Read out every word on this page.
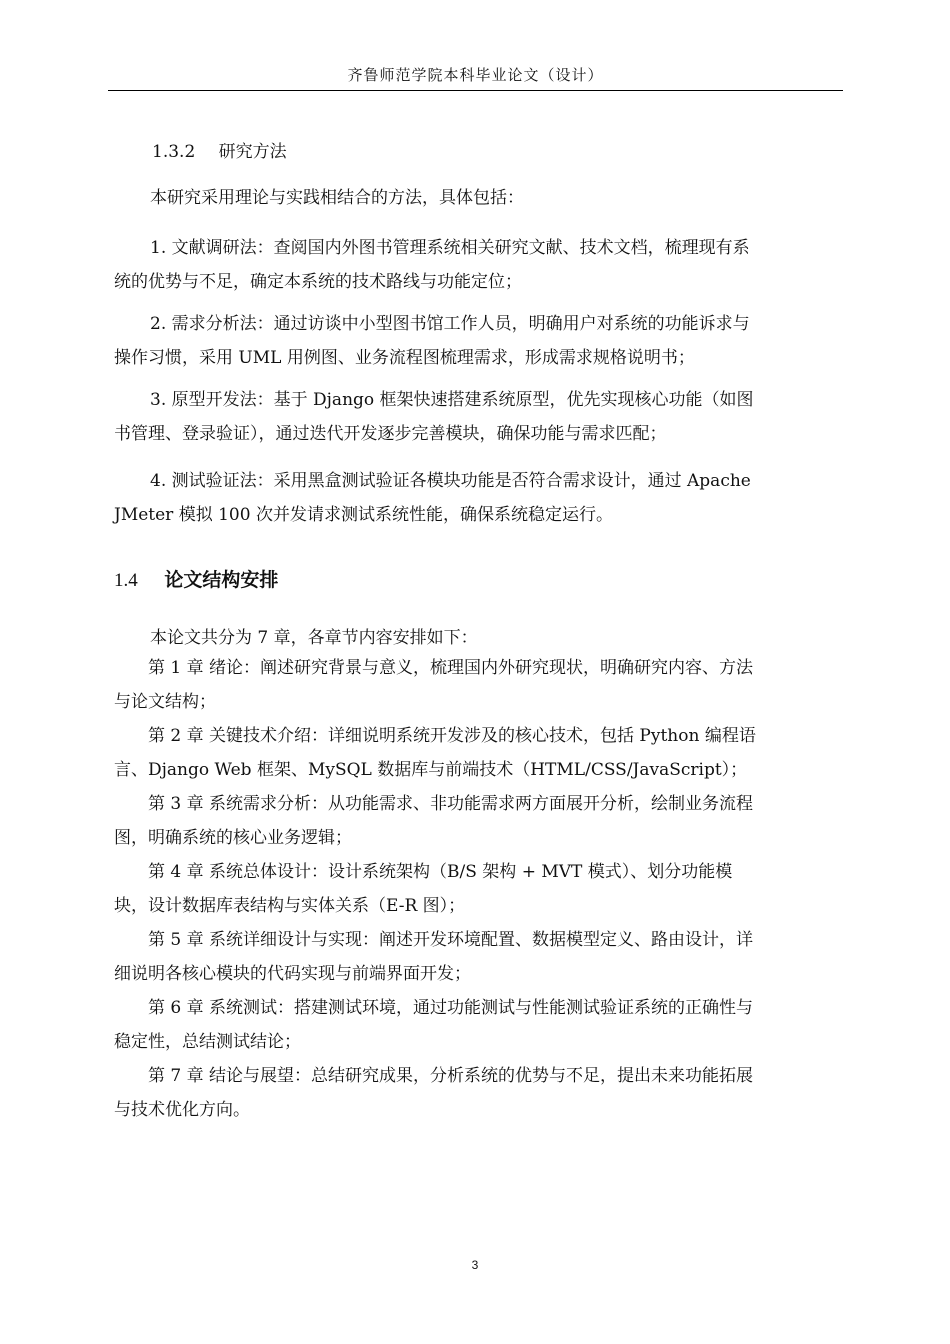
齐鲁师范学院本科毕业论文（设计）
1.3.2 研究方法
本研究采用理论与实践相结合的方法，具体包括：
1. 文献调研法：查阅国内外图书管理系统相关研究文献、技术文档，梳理现有系
统的优势与不足，确定本系统的技术路线与功能定位；
2. 需求分析法：通过访谈中小型图书馆工作人员，明确用户对系统的功能诉求与
操作习惯，采用 UML 用例图、业务流程图梳理需求，形成需求规格说明书；
3. 原型开发法：基于 Django 框架快速搭建系统原型，优先实现核心功能（如图
书管理、登录验证），通过迭代开发逐步完善模块，确保功能与需求匹配；
4. 测试验证法：采用黑盒测试验证各模块功能是否符合需求设计，通过 Apache
JMeter 模拟 100 次并发请求测试系统性能，确保系统稳定运行。
1.4 论文结构安排
本论文共分为 7 章，各章节内容安排如下：
第 1 章 绪论：阐述研究背景与意义，梳理国内外研究现状，明确研究内容、方法
与论文结构；
第 2 章 关键技术介绍：详细说明系统开发涉及的核心技术，包括 Python 编程语
言、Django Web 框架、MySQL 数据库与前端技术（HTML/CSS/JavaScript）；
第 3 章 系统需求分析：从功能需求、非功能需求两方面展开分析，绘制业务流程
图，明确系统的核心业务逻辑；
第 4 章 系统总体设计：设计系统架构（B/S 架构 + MVT 模式）、划分功能模
块，设计数据库表结构与实体关系（E-R 图）；
第 5 章 系统详细设计与实现：阐述开发环境配置、数据模型定义、路由设计，详
细说明各核心模块的代码实现与前端界面开发；
第 6 章 系统测试：搭建测试环境，通过功能测试与性能测试验证系统的正确性与
稳定性，总结测试结论；
第 7 章 结论与展望：总结研究成果，分析系统的优势与不足，提出未来功能拓展
与技术优化方向。
3
